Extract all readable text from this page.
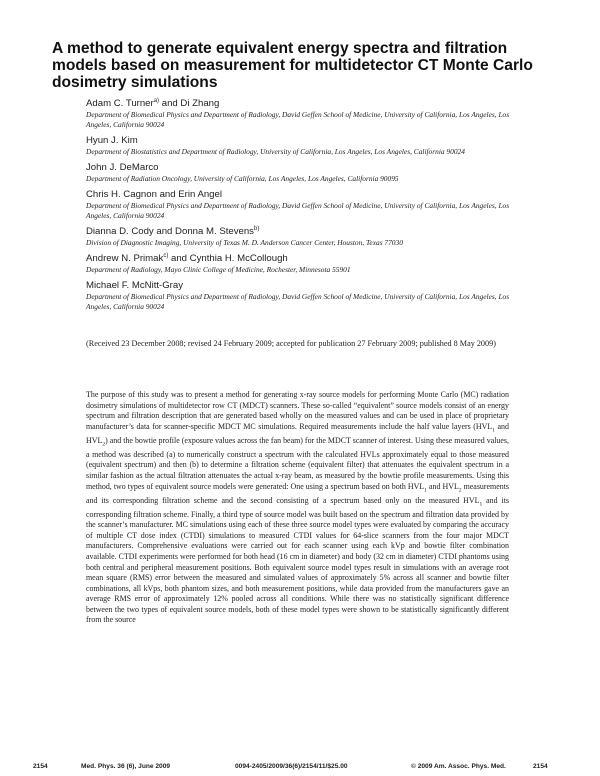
A method to generate equivalent energy spectra and filtration models based on measurement for multidetector CT Monte Carlo dosimetry simulations
Adam C. Turner$^{a)}$ and Di Zhang
Department of Biomedical Physics and Department of Radiology, David Geffen School of Medicine, University of California, Los Angeles, Los Angeles, California 90024
Hyun J. Kim
Department of Biostatistics and Department of Radiology, University of California, Los Angeles, Los Angeles, California 90024
John J. DeMarco
Department of Radiation Oncology, University of California, Los Angeles, Los Angeles, California 90095
Chris H. Cagnon and Erin Angel
Department of Biomedical Physics and Department of Radiology, David Geffen School of Medicine, University of California, Los Angeles, Los Angeles, California 90024
Dianna D. Cody and Donna M. Stevens$^{b)}$
Division of Diagnostic Imaging, University of Texas M. D. Anderson Cancer Center, Houston, Texas 77030
Andrew N. Primak$^{c)}$ and Cynthia H. McCollough
Department of Radiology, Mayo Clinic College of Medicine, Rochester, Minnesota 55901
Michael F. McNitt-Gray
Department of Biomedical Physics and Department of Radiology, David Geffen School of Medicine, University of California, Los Angeles, Los Angeles, California 90024

(Received 23 December 2008; revised 24 February 2009; accepted for publication 27 February 2009; published 8 May 2009)

The purpose of this study was to present a method for generating x-ray source models for performing Monte Carlo (MC) radiation dosimetry simulations of multidetector row CT (MDCT) scanners. These so-called “equivalent” source models consist of an energy spectrum and filtration description that are generated based wholly on the measured values and can be used in place of proprietary manufacturer’s data for scanner-specific MDCT MC simulations. Required measurements include the half value layers ($HVL_1$ and $HVL_2$) and the bowtie profile (exposure values across the fan beam) for the MDCT scanner of interest. Using these measured values, a method was described (a) to numerically construct a spectrum with the calculated HVLs approximately equal to those measured (equivalent spectrum) and then (b) to determine a filtration scheme (equivalent filter) that attenuates the equivalent spectrum in a similar fashion as the actual filtration attenuates the actual x-ray beam, as measured by the bowtie profile measurements. Using this method, two types of equivalent source models were generated: One using a spectrum based on both $HVL_1$ and $HVL_2$ measurements and its corresponding filtration scheme and the second consisting of a spectrum based only on the measured $HVL_1$ and its corresponding filtration scheme. Finally, a third type of source model was built based on the spectrum and filtration data provided by the scanner’s manufacturer. MC simulations using each of these three source model types were evaluated by comparing the accuracy of multiple CT dose index (CTDI) simulations to measured CTDI values for 64-slice scanners from the four major MDCT manufacturers. Comprehensive evaluations were carried out for each scanner using each kVp and bowtie filter combination available. CTDI experiments were performed for both head (16 cm in diameter) and body (32 cm in diameter) CTDI phantoms using both central and peripheral measurement positions. Both equivalent source model types result in simulations with an average root mean square (RMS) error between the measured and simulated values of approximately 5% across all scanner and bowtie filter combinations, all kVps, both phantom sizes, and both measurement positions, while data provided from the manufacturers gave an average RMS error of approximately 12% pooled across all conditions. While there was no statistically significant difference between the two types of equivalent source models, both of these model types were shown to be statistically significantly different from the source

2154	Med. Phys. 36 (6), June 2009	0094-2405/2009/36(6)/2154/11/$25.00	© 2009 Am. Assoc. Phys. Med.	2154
